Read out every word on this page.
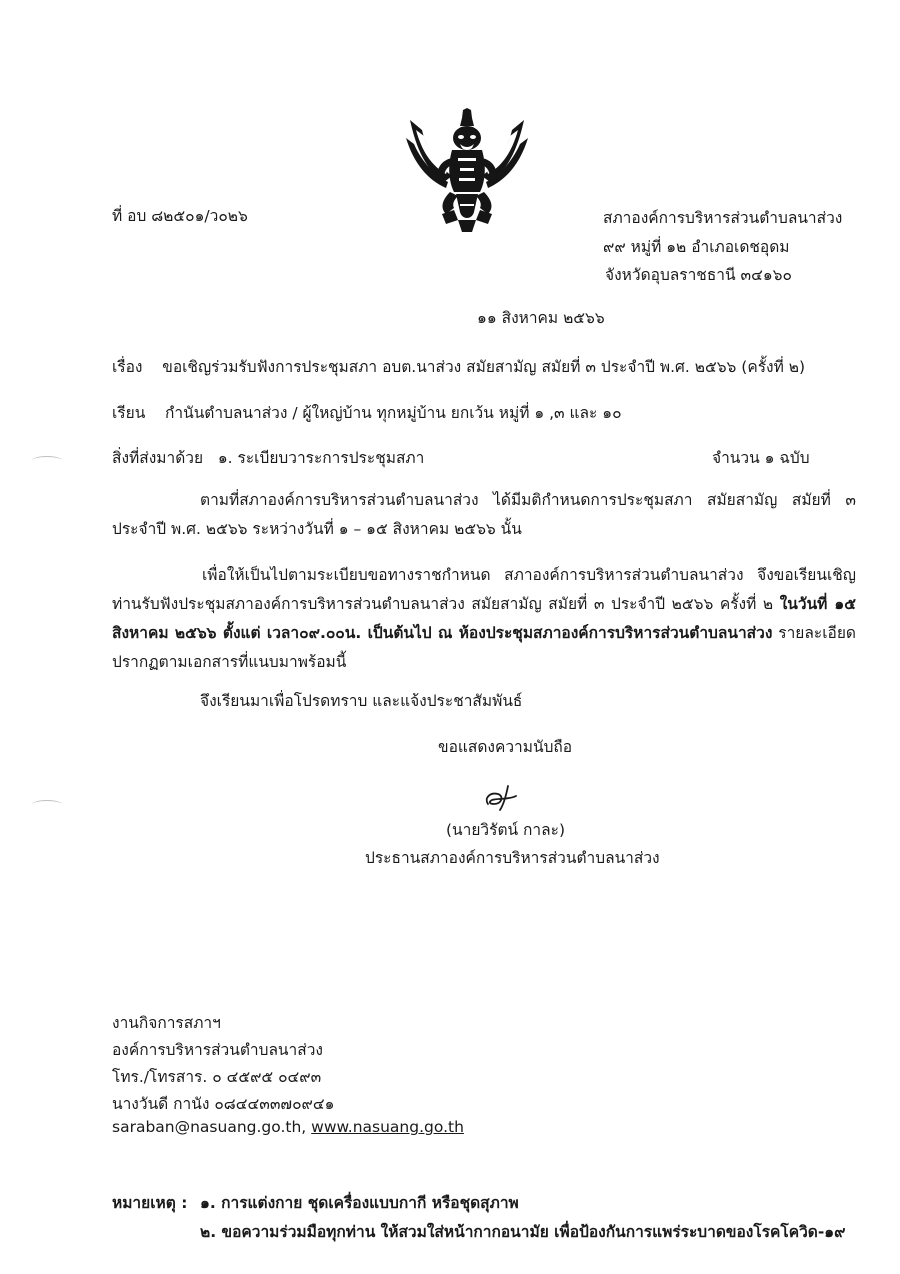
ที่ อบ ๘๒๕๐๑/ว๐๒๖	สภาองค์การบริหารส่วนตำบลนาส่วง
๙๙ หมู่ที่ ๑๒ อำเภอเดชอุดม
จังหวัดอุบลราชธานี ๓๔๑๖๐
๑๑ สิงหาคม ๒๕๖๖
เรื่อง ขอเชิญร่วมรับฟังการประชุมสภา อบต.นาส่วง สมัยสามัญ สมัยที่ ๓ ประจำปี พ.ศ. ๒๕๖๖ (ครั้งที่ ๒)
เรียน กำนันตำบลนาส่วง / ผู้ใหญ่บ้าน ทุกหมู่บ้าน ยกเว้น หมู่ที่ ๑ ,๓ และ ๑๐
สิ่งที่ส่งมาด้วย ๑. ระเบียบวาระการประชุมสภา	จำนวน ๑ ฉบับ
ตามที่สภาองค์การบริหารส่วนตำบลนาส่วง ได้มีมติกำหนดการประชุมสภา สมัยสามัญ สมัยที่ ๓ ประจำปี พ.ศ. ๒๕๖๖ ระหว่างวันที่ ๑ – ๑๕ สิงหาคม ๒๕๖๖ นั้น
เพื่อให้เป็นไปตามระเบียบขอทางราชกำหนด สภาองค์การบริหารส่วนตำบลนาส่วง จึงขอเรียนเชิญท่านรับฟังประชุมสภาองค์การบริหารส่วนตำบลนาส่วง สมัยสามัญ สมัยที่ ๓ ประจำปี ๒๕๖๖ ครั้งที่ ๒ ในวันที่ ๑๕ สิงหาคม ๒๕๖๖ ตั้งแต่ เวลา๐๙.๐๐น. เป็นต้นไป ณ ห้องประชุมสภาองค์การบริหารส่วนตำบลนาส่วง รายละเอียดปรากฏตามเอกสารที่แนบมาพร้อมนี้
จึงเรียนมาเพื่อโปรดทราบ และแจ้งประชาสัมพันธ์
ขอแสดงความนับถือ
(นายวิรัตน์ กาละ)
ประธานสภาองค์การบริหารส่วนตำบลนาส่วง
งานกิจการสภาฯ
องค์การบริหารส่วนตำบลนาส่วง
โทร./โทรสาร. ๐ ๔๕๙๕ ๐๔๙๓
นางวันดี กานัง ๐๘๔๔๓๓๗๐๙๔๑
saraban@nasuang.go.th, www.nasuang.go.th
หมายเหตุ : ๑. การแต่งกาย ชุดเครื่องแบบกากี หรือชุดสุภาพ
๒. ขอความร่วมมือทุกท่าน ให้สวมใส่หน้ากากอนามัย เพื่อป้องกันการแพร่ระบาดของโรคโควิด-๑๙
